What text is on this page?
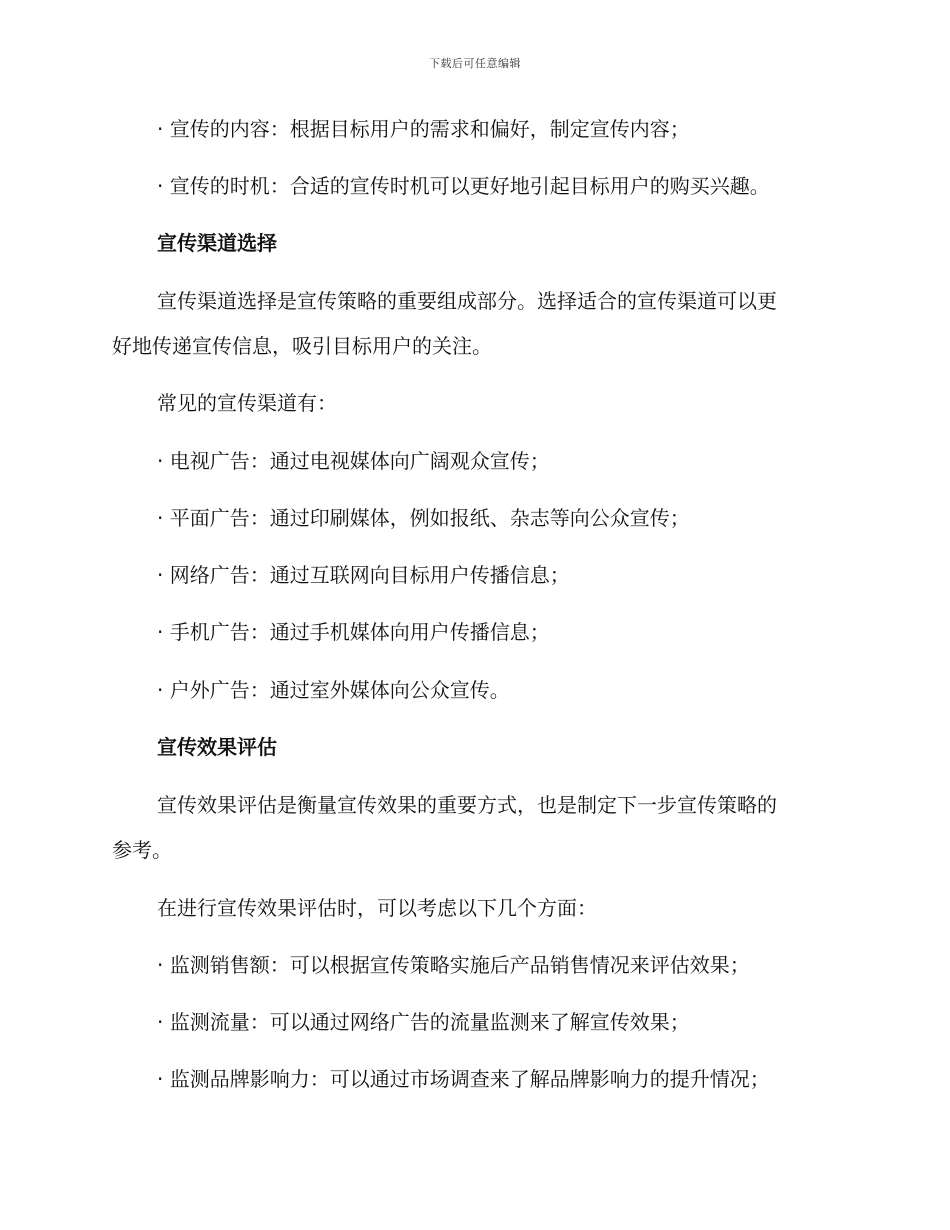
下载后可任意编辑
· 宣传的内容：根据目标用户的需求和偏好，制定宣传内容；
· 宣传的时机：合适的宣传时机可以更好地引起目标用户的购买兴趣。
宣传渠道选择
宣传渠道选择是宣传策略的重要组成部分。选择适合的宣传渠道可以更
好地传递宣传信息，吸引目标用户的关注。
常见的宣传渠道有：
· 电视广告：通过电视媒体向广阔观众宣传；
· 平面广告：通过印刷媒体，例如报纸、杂志等向公众宣传；
· 网络广告：通过互联网向目标用户传播信息；
· 手机广告：通过手机媒体向用户传播信息；
· 户外广告：通过室外媒体向公众宣传。
宣传效果评估
宣传效果评估是衡量宣传效果的重要方式，也是制定下一步宣传策略的
参考。
在进行宣传效果评估时，可以考虑以下几个方面：
· 监测销售额：可以根据宣传策略实施后产品销售情况来评估效果；
· 监测流量：可以通过网络广告的流量监测来了解宣传效果；
· 监测品牌影响力：可以通过市场调查来了解品牌影响力的提升情况；
